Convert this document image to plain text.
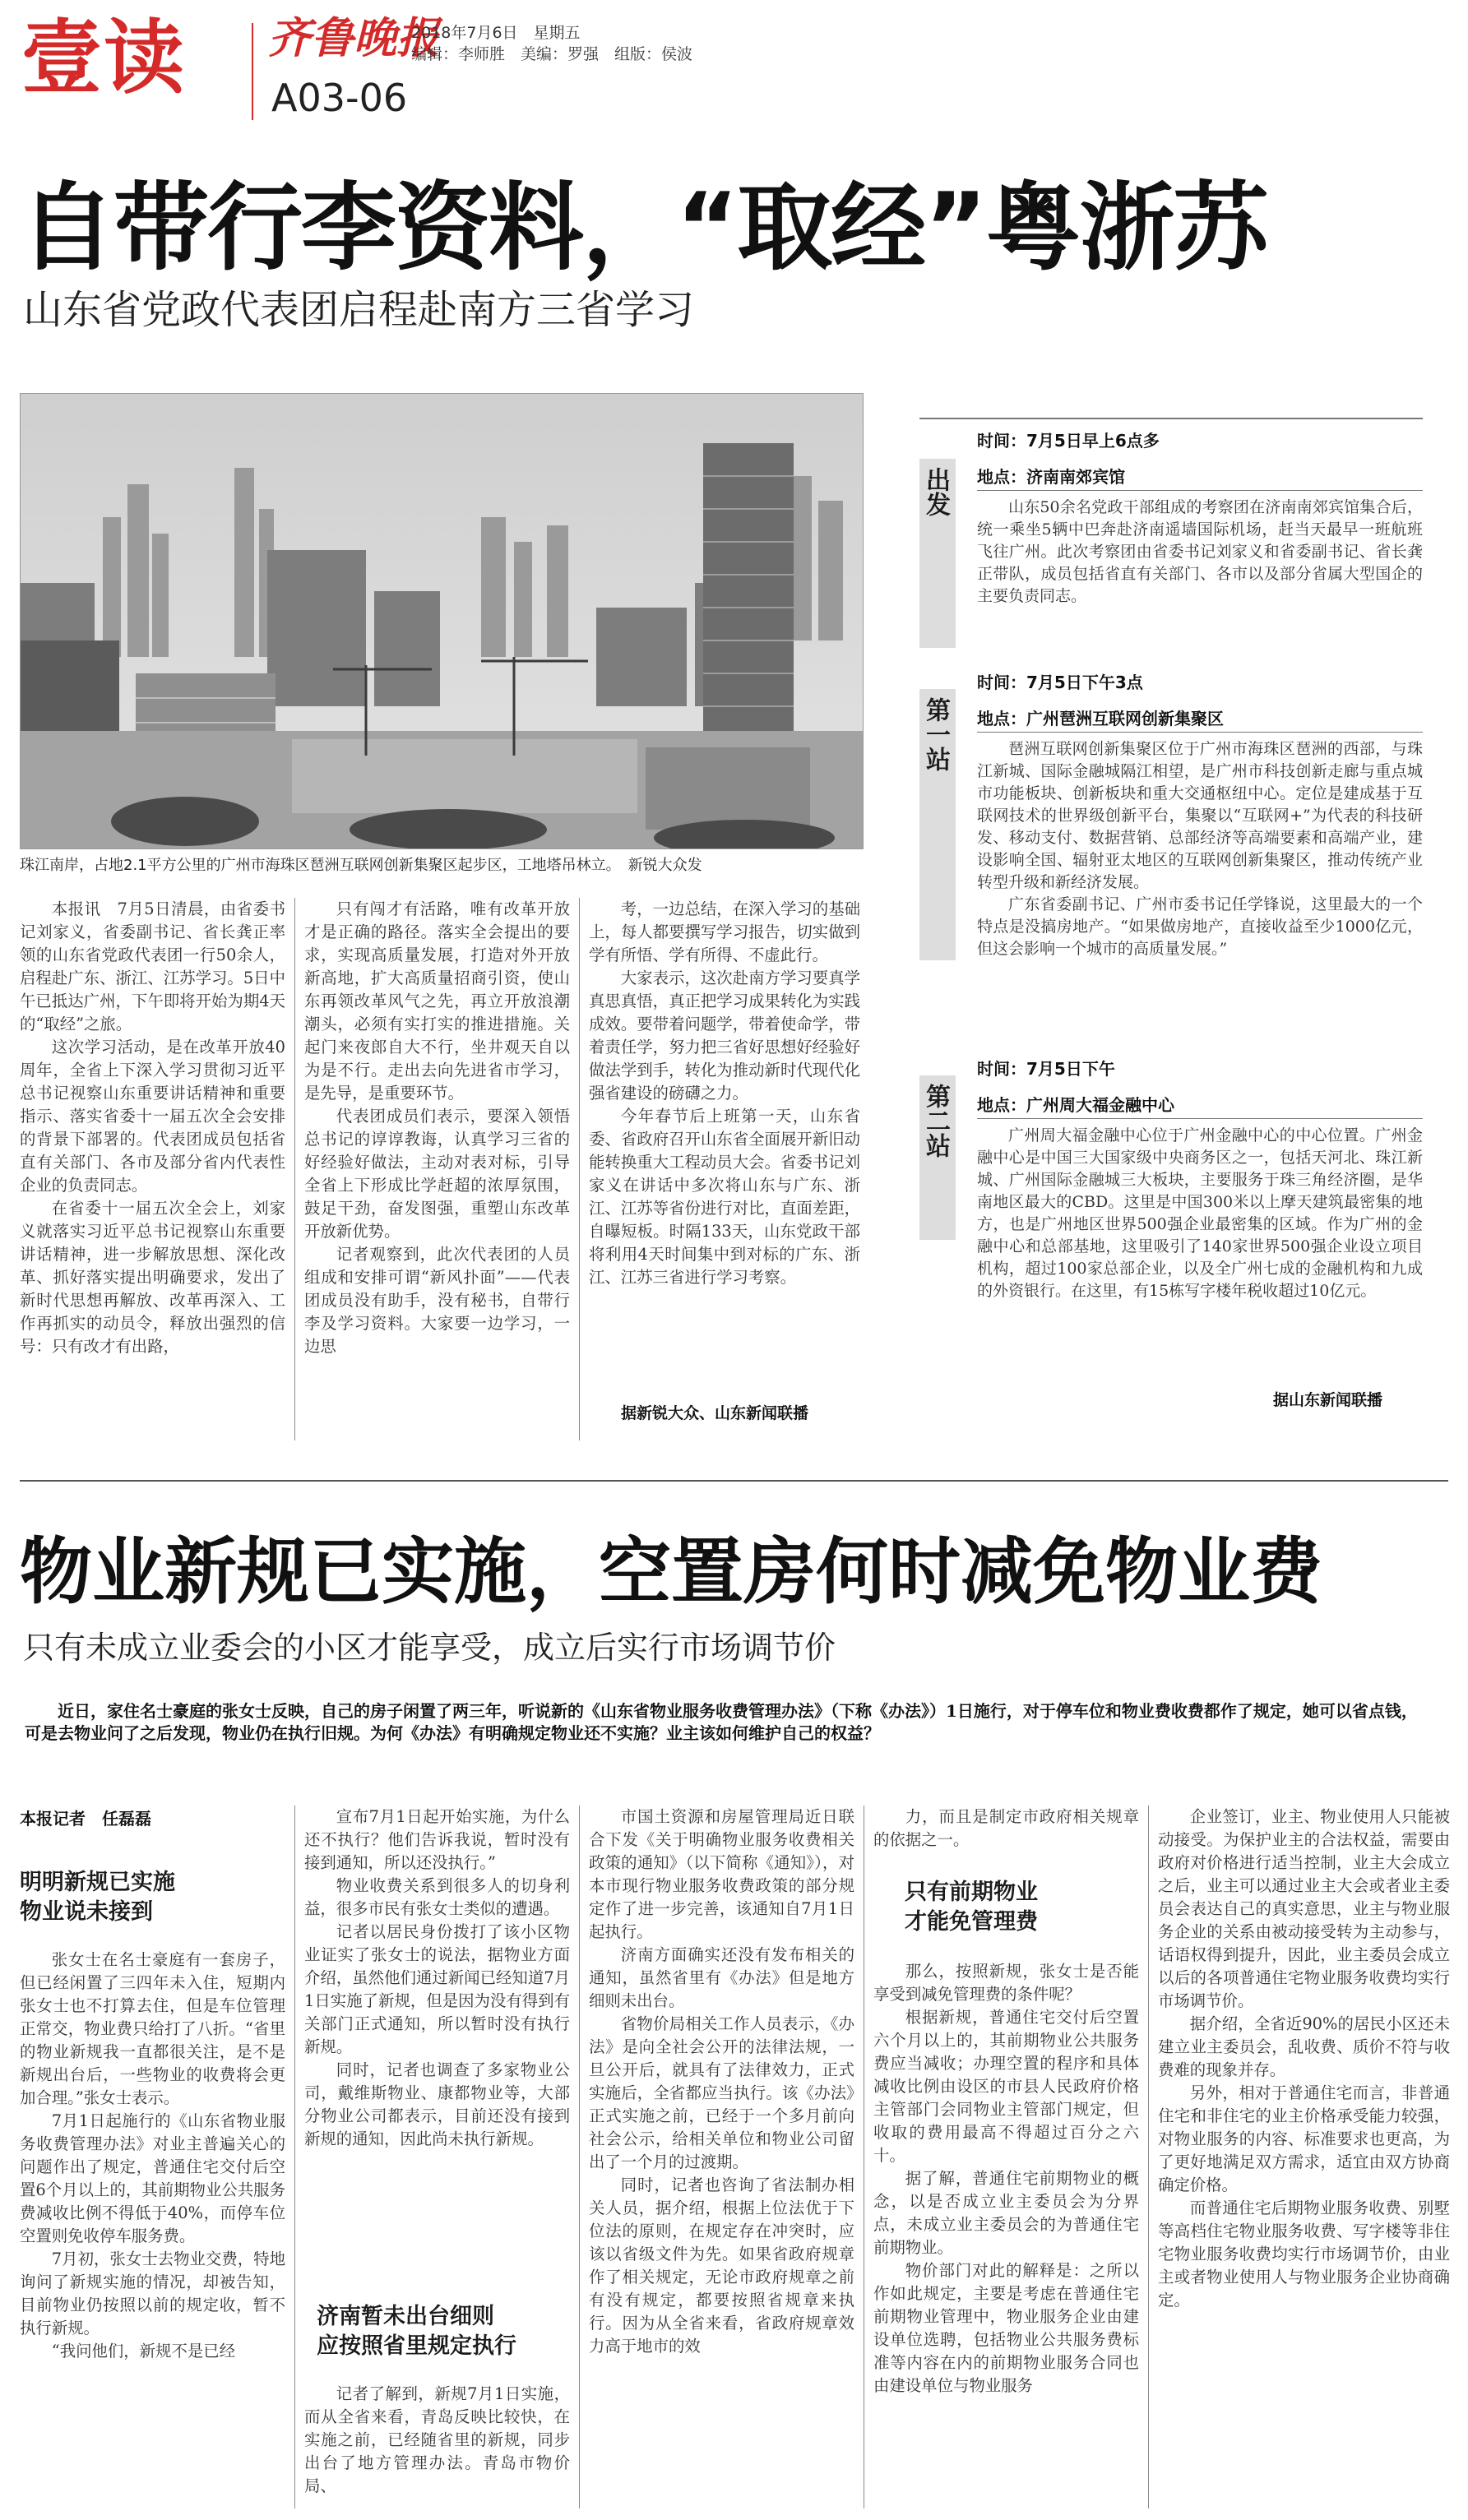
壹读 齐鲁晚报
2018年7月6日　星期五
编辑：李师胜　美编：罗强　组版：侯波
A03-06
自带行李资料，“取经”粤浙苏
山东省党政代表团启程赴南方三省学习
珠江南岸，占地2.1平方公里的广州市海珠区琶洲互联网创新集聚区起步区，工地塔吊林立。　新锐大众发

本报讯　7月5日清晨，由省委书记刘家义，省委副书记、省长龚正率领的山东省党政代表团一行50余人，启程赴广东、浙江、江苏学习。5日中午已抵达广州，下午即将开始为期4天的“取经”之旅。

这次学习活动，是在改革开放40周年，全省上下深入学习贯彻习近平总书记视察山东重要讲话精神和重要指示、落实省委十一届五次全会安排的背景下部署的。代表团成员包括省直有关部门、各市及部分省内代表性企业的负责同志。

在省委十一届五次全会上，刘家义就落实习近平总书记视察山东重要讲话精神，进一步解放思想、深化改革、抓好落实提出明确要求，发出了新时代思想再解放、改革再深入、工作再抓实的动员令，释放出强烈的信号：只有改才有出路，

只有闯才有活路，唯有改革开放才是正确的路径。落实全会提出的要求，实现高质量发展，打造对外开放新高地，扩大高质量招商引资，使山东再领改革风气之先，再立开放浪潮潮头，必须有实打实的推进措施。关起门来夜郎自大不行，坐井观天自以为是不行。走出去向先进省市学习，是先导，是重要环节。

代表团成员们表示，要深入领悟总书记的谆谆教诲，认真学习三省的好经验好做法，主动对表对标，引导全省上下形成比学赶超的浓厚氛围，鼓足干劲，奋发图强，重塑山东改革开放新优势。

记者观察到，此次代表团的人员组成和安排可谓“新风扑面”——代表团成员没有助手，没有秘书，自带行李及学习资料。大家要一边学习，一边思

考，一边总结，在深入学习的基础上，每人都要撰写学习报告，切实做到学有所悟、学有所得、不虚此行。

大家表示，这次赴南方学习要真学真思真悟，真正把学习成果转化为实践成效。要带着问题学，带着使命学，带着责任学，努力把三省好思想好经验好做法学到手，转化为推动新时代现代化强省建设的磅礴之力。

今年春节后上班第一天，山东省委、省政府召开山东省全面展开新旧动能转换重大工程动员大会。省委书记刘家义在讲话中多次将山东与广东、浙江、江苏等省份进行对比，直面差距，自曝短板。时隔133天，山东党政干部将利用4天时间集中到对标的广东、浙江、江苏三省进行学习考察。

据新锐大众、山东新闻联播
出发
时间：7月5日早上6点多
地点：济南南郊宾馆

山东50余名党政干部组成的考察团在济南南郊宾馆集合后，统一乘坐5辆中巴奔赴济南遥墙国际机场，赶当天最早一班航班飞往广州。此次考察团由省委书记刘家义和省委副书记、省长龚正带队，成员包括省直有关部门、各市以及部分省属大型国企的主要负责同志。

第一站
时间：7月5日下午3点
地点：广州琶洲互联网创新集聚区

琶洲互联网创新集聚区位于广州市海珠区琶洲的西部，与珠江新城、国际金融城隔江相望，是广州市科技创新走廊与重点城市功能板块、创新板块和重大交通枢纽中心。定位是建成基于互联网技术的世界级创新平台，集聚以“互联网+”为代表的科技研发、移动支付、数据营销、总部经济等高端要素和高端产业，建设影响全国、辐射亚太地区的互联网创新集聚区，推动传统产业转型升级和新经济发展。

广东省委副书记、广州市委书记任学锋说，这里最大的一个特点是没搞房地产。“如果做房地产，直接收益至少1000亿元，但这会影响一个城市的高质量发展。”

第二站
时间：7月5日下午
地点：广州周大福金融中心

广州周大福金融中心位于广州金融中心的中心位置。广州金融中心是中国三大国家级中央商务区之一，包括天河北、珠江新城、广州国际金融城三大板块，主要服务于珠三角经济圈，是华南地区最大的CBD。这里是中国300米以上摩天建筑最密集的地方，也是广州地区世界500强企业最密集的区域。作为广州的金融中心和总部基地，这里吸引了140家世界500强企业设立项目机构，超过100家总部企业，以及全广州七成的金融机构和九成的外资银行。在这里，有15栋写字楼年税收超过10亿元。

据山东新闻联播
物业新规已实施，空置房何时减免物业费
只有未成立业委会的小区才能享受，成立后实行市场调节价
近日，家住名士豪庭的张女士反映，自己的房子闲置了两三年，听说新的《山东省物业服务收费管理办法》（下称《办法》）1日施行，对于停车位和物业费收费都作了规定，她可以省点钱，可是去物业问了之后发现，物业仍在执行旧规。为何《办法》有明确规定物业还不实施？业主该如何维护自己的权益？
本报记者　任磊磊
明明新规已实施
物业说未接到

张女士在名士豪庭有一套房子，但已经闲置了三四年未入住，短期内张女士也不打算去住，但是车位管理正常交，物业费只给打了八折。“省里的物业新规我一直都很关注，是不是新规出台后，一些物业的收费将会更加合理。”张女士表示。

7月1日起施行的《山东省物业服务收费管理办法》对业主普遍关心的问题作出了规定，普通住宅交付后空置6个月以上的，其前期物业公共服务费减收比例不得低于40%，而停车位空置则免收停车服务费。

7月初，张女士去物业交费，特地询问了新规实施的情况，却被告知，目前物业仍按照以前的规定收，暂不执行新规。

“我问他们，新规不是已经

宣布7月1日起开始实施，为什么还不执行？他们告诉我说，暂时没有接到通知，所以还没执行。”

物业收费关系到很多人的切身利益，很多市民有张女士类似的遭遇。

记者以居民身份拨打了该小区物业证实了张女士的说法，据物业方面介绍，虽然他们通过新闻已经知道7月1日实施了新规，但是因为没有得到有关部门正式通知，所以暂时没有执行新规。

同时，记者也调查了多家物业公司，戴维斯物业、康都物业等，大部分物业公司都表示，目前还没有接到新规的通知，因此尚未执行新规。

济南暂未出台细则
应按照省里规定执行

记者了解到，新规7月1日实施，而从全省来看，青岛反映比较快，在实施之前，已经随省里的新规，同步出台了地方管理办法。青岛市物价局、

市国土资源和房屋管理局近日联合下发《关于明确物业服务收费相关政策的通知》（以下简称《通知》），对本市现行物业服务收费政策的部分规定作了进一步完善，该通知自7月1日起执行。

济南方面确实还没有发布相关的通知，虽然省里有《办法》但是地方细则未出台。

省物价局相关工作人员表示，《办法》是向全社会公开的法律法规，一旦公开后，就具有了法律效力，正式实施后，全省都应当执行。该《办法》正式实施之前，已经于一个多月前向社会公示，给相关单位和物业公司留出了一个月的过渡期。

同时，记者也咨询了省法制办相关人员，据介绍，根据上位法优于下位法的原则，在规定存在冲突时，应该以省级文件为先。如果省政府规章作了相关规定，无论市政府规章之前有没有规定，都要按照省规章来执行。因为从全省来看，省政府规章效力高于地市的效

力，而且是制定市政府相关规章的依据之一。

只有前期物业
才能免管理费

那么，按照新规，张女士是否能享受到减免管理费的条件呢？

根据新规，普通住宅交付后空置六个月以上的，其前期物业公共服务费应当减收；办理空置的程序和具体减收比例由设区的市县人民政府价格主管部门会同物业主管部门规定，但收取的费用最高不得超过百分之六十。

据了解，普通住宅前期物业的概念，以是否成立业主委员会为分界点，未成立业主委员会的为普通住宅前期物业。

物价部门对此的解释是：之所以作如此规定，主要是考虑在普通住宅前期物业管理中，物业服务企业由建设单位选聘，包括物业公共服务费标准等内容在内的前期物业服务合同也由建设单位与物业服务

企业签订，业主、物业使用人只能被动接受。为保护业主的合法权益，需要由政府对价格进行适当控制，业主大会成立之后，业主可以通过业主大会或者业主委员会表达自己的真实意思，业主与物业服务企业的关系由被动接受转为主动参与，话语权得到提升，因此，业主委员会成立以后的各项普通住宅物业服务收费均实行市场调节价。

据介绍，全省近90%的居民小区还未建立业主委员会，乱收费、质价不符与收费难的现象并存。

另外，相对于普通住宅而言，非普通住宅和非住宅的业主价格承受能力较强，对物业服务的内容、标准要求也更高，为了更好地满足双方需求，适宜由双方协商确定价格。

而普通住宅后期物业服务收费、别墅等高档住宅物业服务收费、写字楼等非住宅物业服务收费均实行市场调节价，由业主或者物业使用人与物业服务企业协商确定。
